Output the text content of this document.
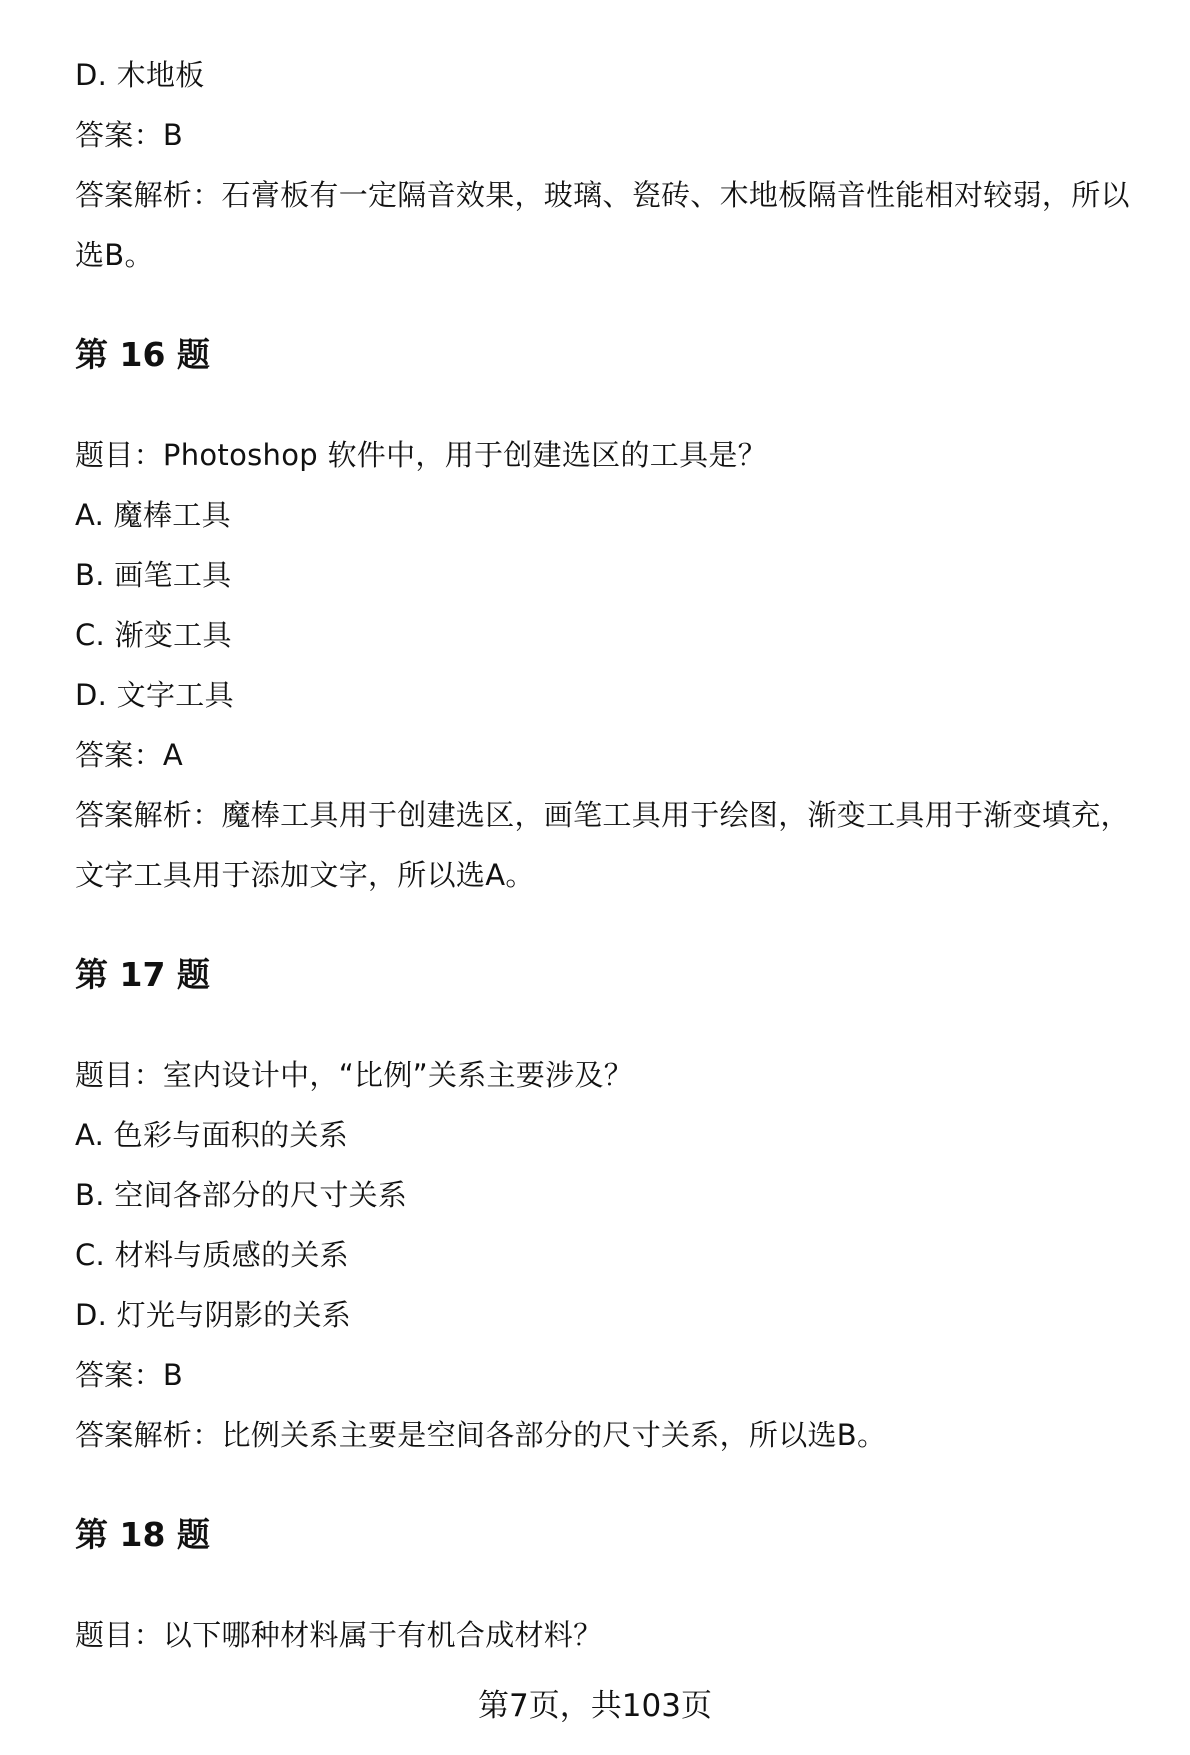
D. 木地板
答案：B
答案解析：石膏板有一定隔音效果，玻璃、瓷砖、木地板隔音性能相对较弱，所以
选B。
第 16 题
题目：Photoshop 软件中，用于创建选区的工具是？
A. 魔棒工具
B. 画笔工具
C. 渐变工具
D. 文字工具
答案：A
答案解析：魔棒工具用于创建选区，画笔工具用于绘图，渐变工具用于渐变填充，
文字工具用于添加文字，所以选A。
第 17 题
题目：室内设计中，“比例”关系主要涉及？
A. 色彩与面积的关系
B. 空间各部分的尺寸关系
C. 材料与质感的关系
D. 灯光与阴影的关系
答案：B
答案解析：比例关系主要是空间各部分的尺寸关系，所以选B。
第 18 题
题目：以下哪种材料属于有机合成材料？
第7页，共103页
